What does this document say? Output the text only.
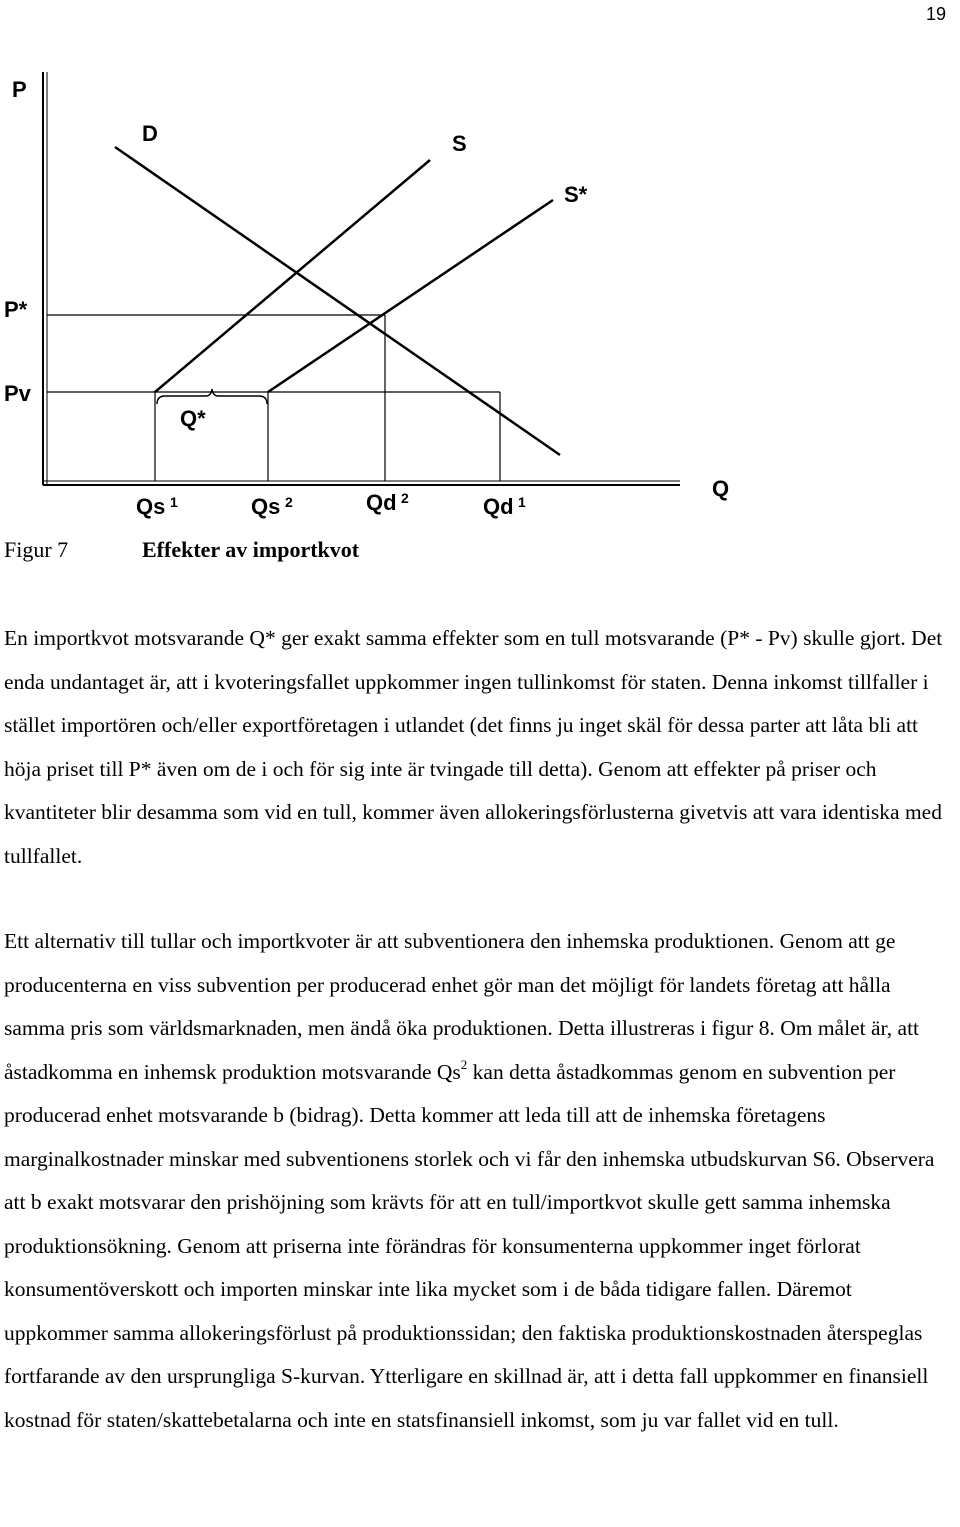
19
P
D	S
S*
P*
Pv
Q*
Q
Qs 1	Qs 2	Qd 2	Qd 1
Figur 7	Effekter av importkvot

En importkvot motsvarande Q* ger exakt samma effekter som en tull motsvarande (P* - Pv) skulle gjort. Det enda undantaget är, att i kvoteringsfallet uppkommer ingen tullinkomst för staten. Denna inkomst tillfaller i stället importören och/eller exportföretagen i utlandet (det finns ju inget skäl för dessa parter att låta bli att höja priset till P* även om de i och för sig inte är tvingade till detta). Genom att effekter på priser och kvantiteter blir desamma som vid en tull, kommer även allokeringsförlusterna givetvis att vara identiska med tullfallet.

Ett alternativ till tullar och importkvoter är att subventionera den inhemska produktionen. Genom att ge producenterna en viss subvention per producerad enhet gör man det möjligt för landets företag att hålla samma pris som världsmarknaden, men ändå öka produktionen. Detta illustreras i figur 8. Om målet är, att åstadkomma en inhemsk produktion motsvarande Qs$^2$ kan detta åstadkommas genom en subvention per producerad enhet motsvarande b (bidrag). Detta kommer att leda till att de inhemska företagens marginalkostnader minskar med subventionens storlek och vi får den inhemska utbudskurvan S6. Observera att b exakt motsvarar den prishöjning som krävts för att en tull/importkvot skulle gett samma inhemska produktionsökning. Genom att priserna inte förändras för konsumenterna uppkommer inget förlorat konsumentöverskott och importen minskar inte lika mycket som i de båda tidigare fallen. Däremot uppkommer samma allokeringsförlust på produktionssidan; den faktiska produktionskostnaden återspeglas fortfarande av den ursprungliga S-kurvan. Ytterligare en skillnad är, att i detta fall uppkommer en finansiell kostnad för staten/skattebetalarna och inte en statsfinansiell inkomst, som ju var fallet vid en tull.
